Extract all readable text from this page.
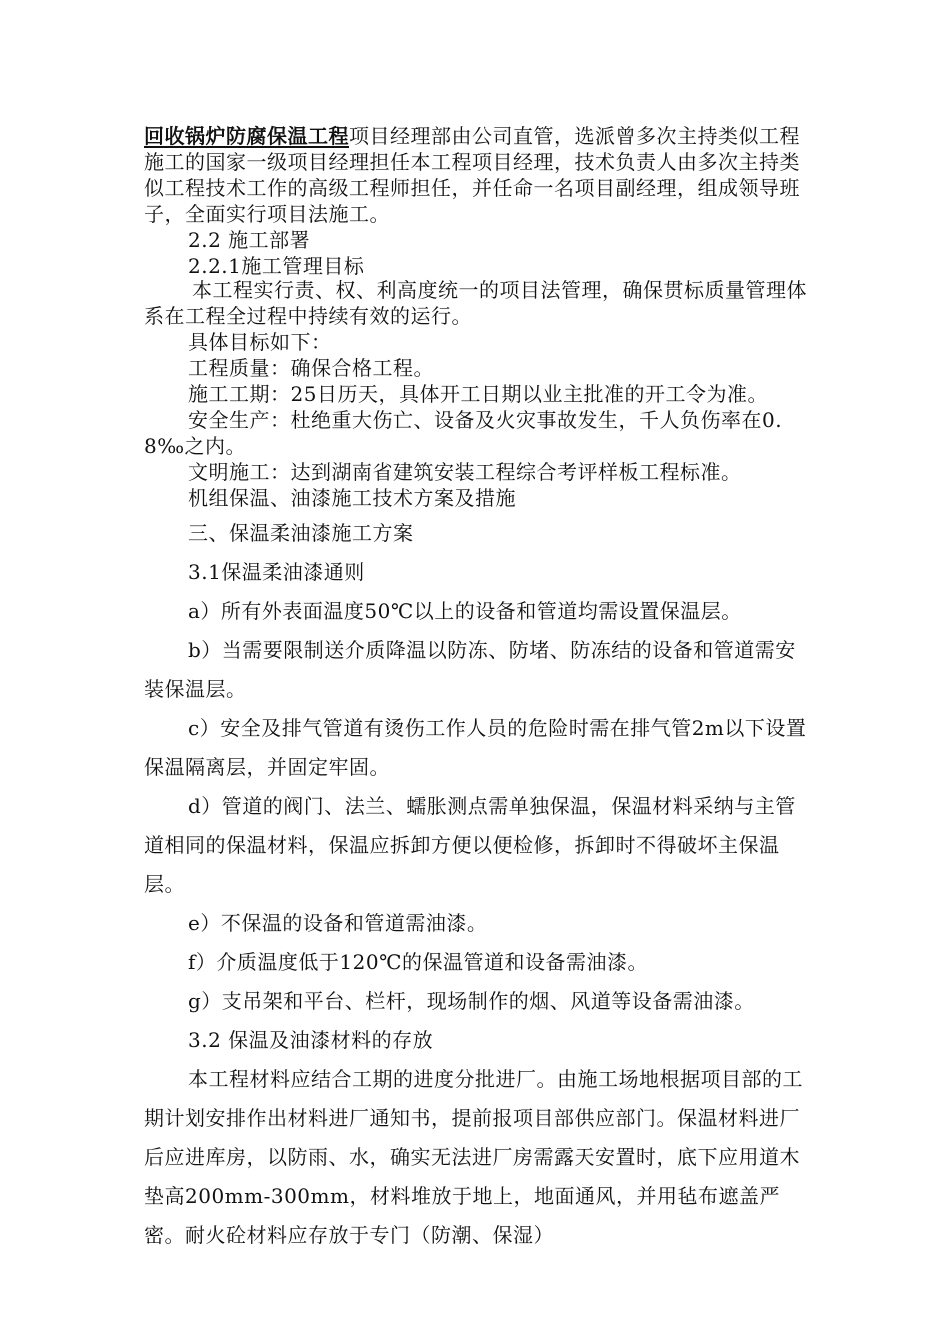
回收锅炉防腐保温工程项目经理部由公司直管，选派曾多次主持类似工程施工的国家一级项目经理担任本工程项目经理，技术负责人由多次主持类似工程技术工作的高级工程师担任，并任命一名项目副经理，组成领导班子，全面实行项目法施工。

2.2 施工部署

2.2.1施工管理目标

本工程实行责、权、利高度统一的项目法管理，确保贯标质量管理体系在工程全过程中持续有效的运行。

具体目标如下：

工程质量：确保合格工程。

施工工期：25日历天，具体开工日期以业主批准的开工令为准。

安全生产：杜绝重大伤亡、设备及火灾事故发生，千人负伤率在0.8‰之内。

文明施工：达到湖南省建筑安装工程综合考评样板工程标准。

机组保温、油漆施工技术方案及措施

三、保温柔油漆施工方案

3.1保温柔油漆通则

a）所有外表面温度50℃以上的设备和管道均需设置保温层。

b）当需要限制送介质降温以防冻、防堵、防冻结的设备和管道需安装保温层。

c）安全及排气管道有烫伤工作人员的危险时需在排气管2m以下设置保温隔离层，并固定牢固。

d）管道的阀门、法兰、蠕胀测点需单独保温，保温材料采纳与主管道相同的保温材料，保温应拆卸方便以便检修，拆卸时不得破坏主保温层。

e）不保温的设备和管道需油漆。

f）介质温度低于120℃的保温管道和设备需油漆。

g）支吊架和平台、栏杆，现场制作的烟、风道等设备需油漆。

3.2 保温及油漆材料的存放

本工程材料应结合工期的进度分批进厂。由施工场地根据项目部的工期计划安排作出材料进厂通知书，提前报项目部供应部门。保温材料进厂后应进库房，以防雨、水，确实无法进厂房需露天安置时，底下应用道木垫高200mm-300mm，材料堆放于地上，地面通风，并用毡布遮盖严密。耐火砼材料应存放于专门（防潮、保湿）
